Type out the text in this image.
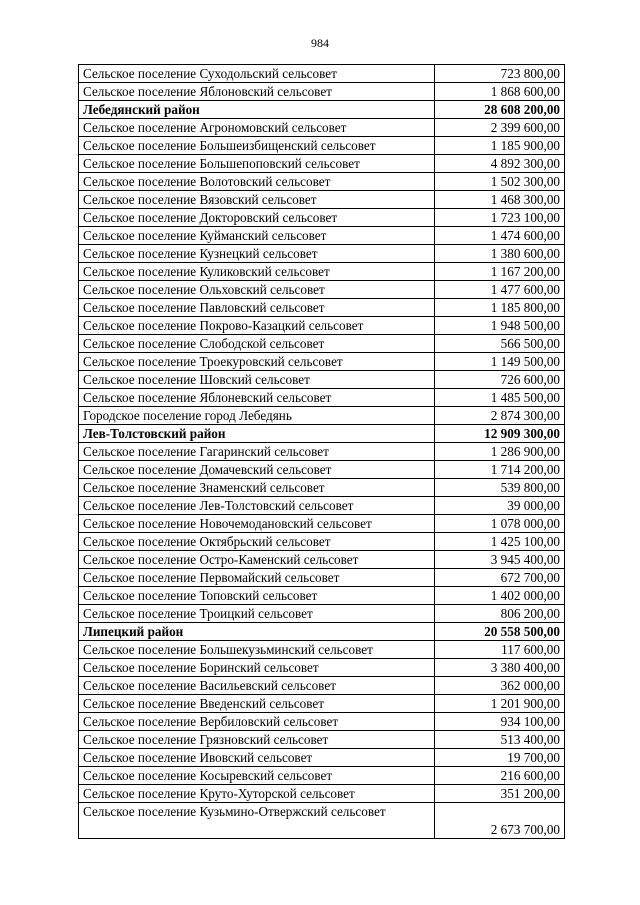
984
Сельское поселение Суходольский сельсовет	723 800,00
Сельское поселение Яблоновский сельсовет	1 868 600,00
Лебедянский район	28 608 200,00
Сельское поселение Агрономовский сельсовет	2 399 600,00
Сельское поселение Большеизбищенский сельсовет	1 185 900,00
Сельское поселение Большепоповский сельсовет	4 892 300,00
Сельское поселение Волотовский сельсовет	1 502 300,00
Сельское поселение Вязовский сельсовет	1 468 300,00
Сельское поселение Доктоpовский сельсовет	1 723 100,00
Сельское поселение Куйманский сельсовет	1 474 600,00
Сельское поселение Кузнецкий сельсовет	1 380 600,00
Сельское поселение Куликовский сельсовет	1 167 200,00
Сельское поселение Ольховский сельсовет	1 477 600,00
Сельское поселение Павловский сельсовет	1 185 800,00
Сельское поселение Покрово-Казацкий сельсовет	1 948 500,00
Сельское поселение Слободской сельсовет	566 500,00
Сельское поселение Троекуровский сельсовет	1 149 500,00
Сельское поселение Шовский сельсовет	726 600,00
Сельское поселение Яблоневский сельсовет	1 485 500,00
Городское поселение город Лебедянь	2 874 300,00
Лев-Толстовский район	12 909 300,00
Сельское поселение Гагаринский сельсовет	1 286 900,00
Сельское поселение Домачевский сельсовет	1 714 200,00
Сельское поселение Знаменский сельсовет	539 800,00
Сельское поселение Лев-Толстовский сельсовет	39 000,00
Сельское поселение Новочемодановский сельсовет	1 078 000,00
Сельское поселение Октябрьский сельсовет	1 425 100,00
Сельское поселение Остро-Каменский сельсовет	3 945 400,00
Сельское поселение Первомайский сельсовет	672 700,00
Сельское поселение Топовский сельсовет	1 402 000,00
Сельское поселение Троицкий сельсовет	806 200,00
Липецкий район	20 558 500,00
Сельское поселение Большекузьминский сельсовет	117 600,00
Сельское поселение Боринский сельсовет	3 380 400,00
Сельское поселение Васильевский сельсовет	362 000,00
Сельское поселение Введенский сельсовет	1 201 900,00
Сельское поселение Вербиловский сельсовет	934 100,00
Сельское поселение Грязновский сельсовет	513 400,00
Сельское поселение Ивовский сельсовет	19 700,00
Сельское поселение Косыревский сельсовет	216 600,00
Сельское поселение Круто-Хуторской сельсовет	351 200,00
Сельское поселение Кузьмино-Отвержский сельсовет	2 673 700,00
